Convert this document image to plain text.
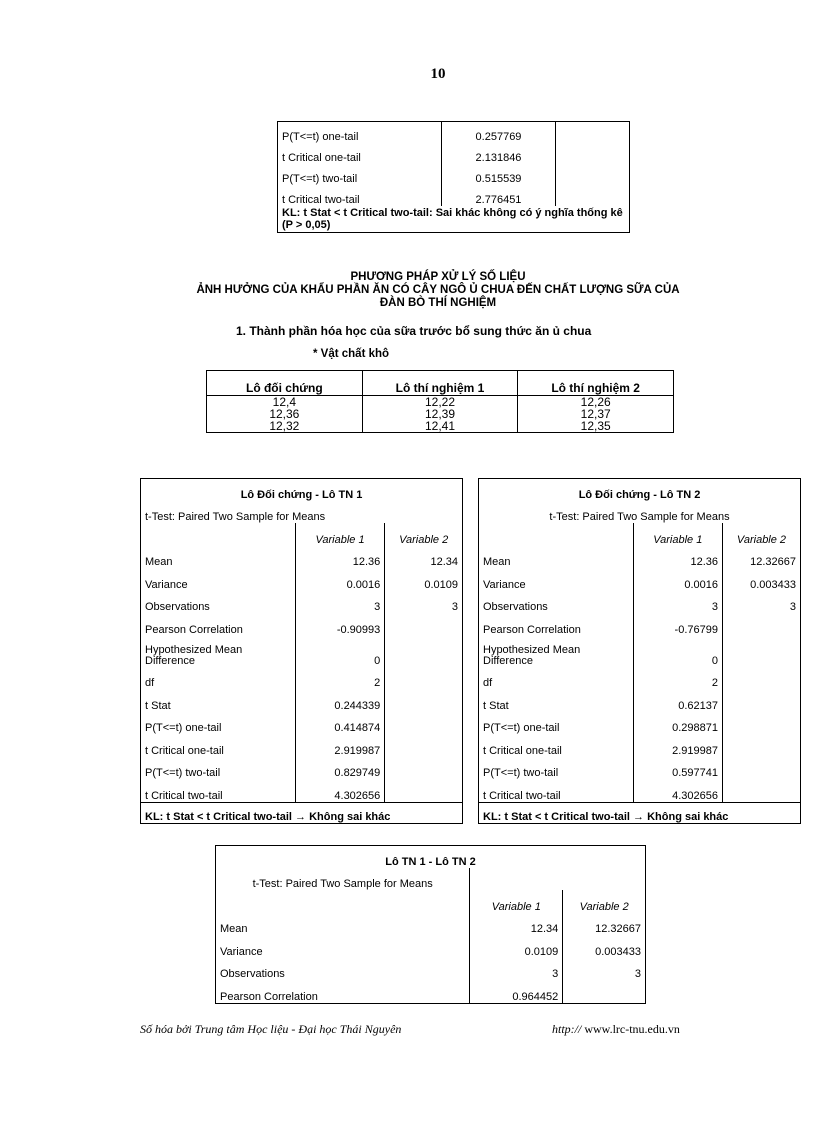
10
P(T<=t) one-tail	0.257769	
t Critical one-tail	2.131846	
P(T<=t) two-tail	0.515539	
t Critical two-tail	2.776451	
KL: t Stat < t Critical two-tail: Sai khác không có ý nghĩa thống kê (P > 0,05)		
PHƯƠNG PHÁP XỬ LÝ SỐ LIỆU
ẢNH HƯỞNG CỦA KHẨU PHẦN ĂN CÓ CÂY NGÔ Ủ CHUA ĐẾN CHẤT LƯỢNG SỮA CỦA
ĐÀN BÒ THÍ NGHIỆM
1. Thành phần hóa học của sữa trước bổ sung thức ăn ủ chua
* Vật chất khô
Lô đối chứng	Lô thí nghiệm 1	Lô thí nghiệm 2
12,4	12,22	12,26
12,36	12,39	12,37
12,32	12,41	12,35
Lô Đối chứng - Lô TN 1		
t-Test: Paired Two Sample for Means		
	Variable 1	Variable 2
Mean	12.36	12.34
Variance	0.0016	0.0109
Observations	3	3
Pearson Correlation	-0.90993	
Hypothesized Mean Difference	0	
df	2	
t Stat	0.244339	
P(T<=t) one-tail	0.414874	
t Critical one-tail	2.919987	
P(T<=t) two-tail	0.829749	
t Critical two-tail	4.302656	
KL: t Stat < t Critical two-tail → Không sai khác		
Lô Đối chứng - Lô TN 2		
t-Test: Paired Two Sample for Means		
	Variable 1	Variable 2
Mean	12.36	12.32667
Variance	0.0016	0.003433
Observations	3	3
Pearson Correlation	-0.76799	
Hypothesized Mean Difference	0	
df	2	
t Stat	0.62137	
P(T<=t) one-tail	0.298871	
t Critical one-tail	2.919987	
P(T<=t) two-tail	0.597741	
t Critical two-tail	4.302656	
KL: t Stat < t Critical two-tail → Không sai khác		
Lô TN 1 - Lô TN 2		
t-Test: Paired Two Sample for Means		
	Variable 1	Variable 2
Mean	12.34	12.32667
Variance	0.0109	0.003433
Observations	3	3
Pearson Correlation	0.964452	
Số hóa bởi Trung tâm Học liệu - Đại học Thái Nguyên	http:// www.lrc-tnu.edu.vn
